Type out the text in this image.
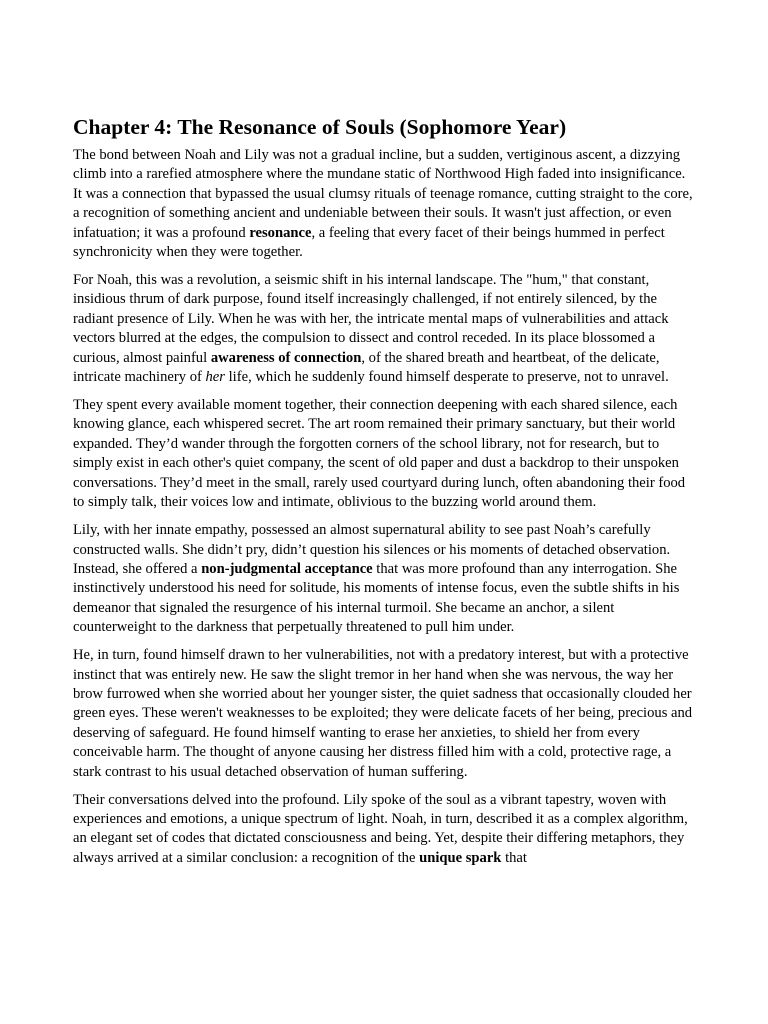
Chapter 4: The Resonance of Souls (Sophomore Year)

The bond between Noah and Lily was not a gradual incline, but a sudden, vertiginous ascent, a dizzying climb into a rarefied atmosphere where the mundane static of Northwood High faded into insignificance. It was a connection that bypassed the usual clumsy rituals of teenage romance, cutting straight to the core, a recognition of something ancient and undeniable between their souls. It wasn't just affection, or even infatuation; it was a profound resonance, a feeling that every facet of their beings hummed in perfect synchronicity when they were together.

For Noah, this was a revolution, a seismic shift in his internal landscape. The "hum," that constant, insidious thrum of dark purpose, found itself increasingly challenged, if not entirely silenced, by the radiant presence of Lily. When he was with her, the intricate mental maps of vulnerabilities and attack vectors blurred at the edges, the compulsion to dissect and control receded. In its place blossomed a curious, almost painful awareness of connection, of the shared breath and heartbeat, of the delicate, intricate machinery of her life, which he suddenly found himself desperate to preserve, not to unravel.

They spent every available moment together, their connection deepening with each shared silence, each knowing glance, each whispered secret. The art room remained their primary sanctuary, but their world expanded. They’d wander through the forgotten corners of the school library, not for research, but to simply exist in each other's quiet company, the scent of old paper and dust a backdrop to their unspoken conversations. They’d meet in the small, rarely used courtyard during lunch, often abandoning their food to simply talk, their voices low and intimate, oblivious to the buzzing world around them.

Lily, with her innate empathy, possessed an almost supernatural ability to see past Noah’s carefully constructed walls. She didn’t pry, didn’t question his silences or his moments of detached observation. Instead, she offered a non-judgmental acceptance that was more profound than any interrogation. She instinctively understood his need for solitude, his moments of intense focus, even the subtle shifts in his demeanor that signaled the resurgence of his internal turmoil. She became an anchor, a silent counterweight to the darkness that perpetually threatened to pull him under.

He, in turn, found himself drawn to her vulnerabilities, not with a predatory interest, but with a protective instinct that was entirely new. He saw the slight tremor in her hand when she was nervous, the way her brow furrowed when she worried about her younger sister, the quiet sadness that occasionally clouded her green eyes. These weren't weaknesses to be exploited; they were delicate facets of her being, precious and deserving of safeguard. He found himself wanting to erase her anxieties, to shield her from every conceivable harm. The thought of anyone causing her distress filled him with a cold, protective rage, a stark contrast to his usual detached observation of human suffering.

Their conversations delved into the profound. Lily spoke of the soul as a vibrant tapestry, woven with experiences and emotions, a unique spectrum of light. Noah, in turn, described it as a complex algorithm, an elegant set of codes that dictated consciousness and being. Yet, despite their differing metaphors, they always arrived at a similar conclusion: a recognition of the unique spark that
